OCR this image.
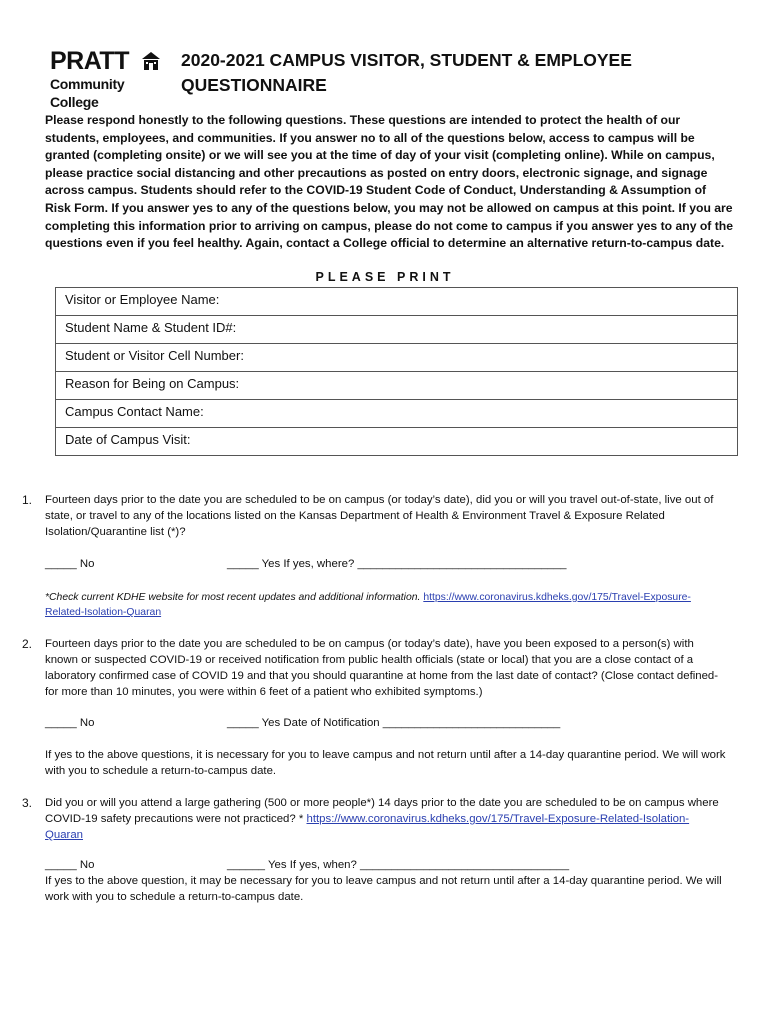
PRATT
Community College
2020-2021 CAMPUS VISITOR, STUDENT & EMPLOYEE QUESTIONNAIRE
Please respond honestly to the following questions. These questions are intended to protect the health of our students, employees, and communities. If you answer no to all of the questions below, access to campus will be granted (completing onsite) or we will see you at the time of day of your visit (completing online). While on campus, please practice social distancing and other precautions as posted on entry doors, electronic signage, and signage across campus. Students should refer to the COVID-19 Student Code of Conduct, Understanding & Assumption of Risk Form. If you answer yes to any of the questions below, you may not be allowed on campus at this point. If you are completing this information prior to arriving on campus, please do not come to campus if you answer yes to any of the questions even if you feel healthy. Again, contact a College official to determine an alternative return-to-campus date.
PLEASE PRINT
Visitor or Employee Name:
Student Name & Student ID#:
Student or Visitor Cell Number:
Reason for Being on Campus:
Campus Contact Name:
Date of Campus Visit:
1. Fourteen days prior to the date you are scheduled to be on campus (or today’s date), did you or will you travel out-of-state, live out of state, or travel to any of the locations listed on the Kansas Department of Health & Environment Travel & Exposure Related Isolation/Quarantine list (*)?
_____ No	_____ Yes If yes, where? _________________________________
*Check current KDHE website for most recent updates and additional information. https://www.coronavirus.kdheks.gov/175/Travel-Exposure-Related-Isolation-Quaran
2. Fourteen days prior to the date you are scheduled to be on campus (or today’s date), have you been exposed to a person(s) with known or suspected COVID-19 or received notification from public health officials (state or local) that you are a close contact of a laboratory confirmed case of COVID 19 and that you should quarantine at home from the last date of contact? (Close contact defined- for more than 10 minutes, you were within 6 feet of a patient who exhibited symptoms.)
_____ No	_____ Yes Date of Notification ____________________________
If yes to the above questions, it is necessary for you to leave campus and not return until after a 14-day quarantine period. We will work with you to schedule a return-to-campus date.
3. Did you or will you attend a large gathering (500 or more people*) 14 days prior to the date you are scheduled to be on campus where COVID-19 safety precautions were not practiced? * https://www.coronavirus.kdheks.gov/175/Travel-Exposure-Related-Isolation-Quaran
_____ No	______ Yes If yes, when? _________________________________
If yes to the above question, it may be necessary for you to leave campus and not return until after a 14-day quarantine period. We will work with you to schedule a return-to-campus date.
